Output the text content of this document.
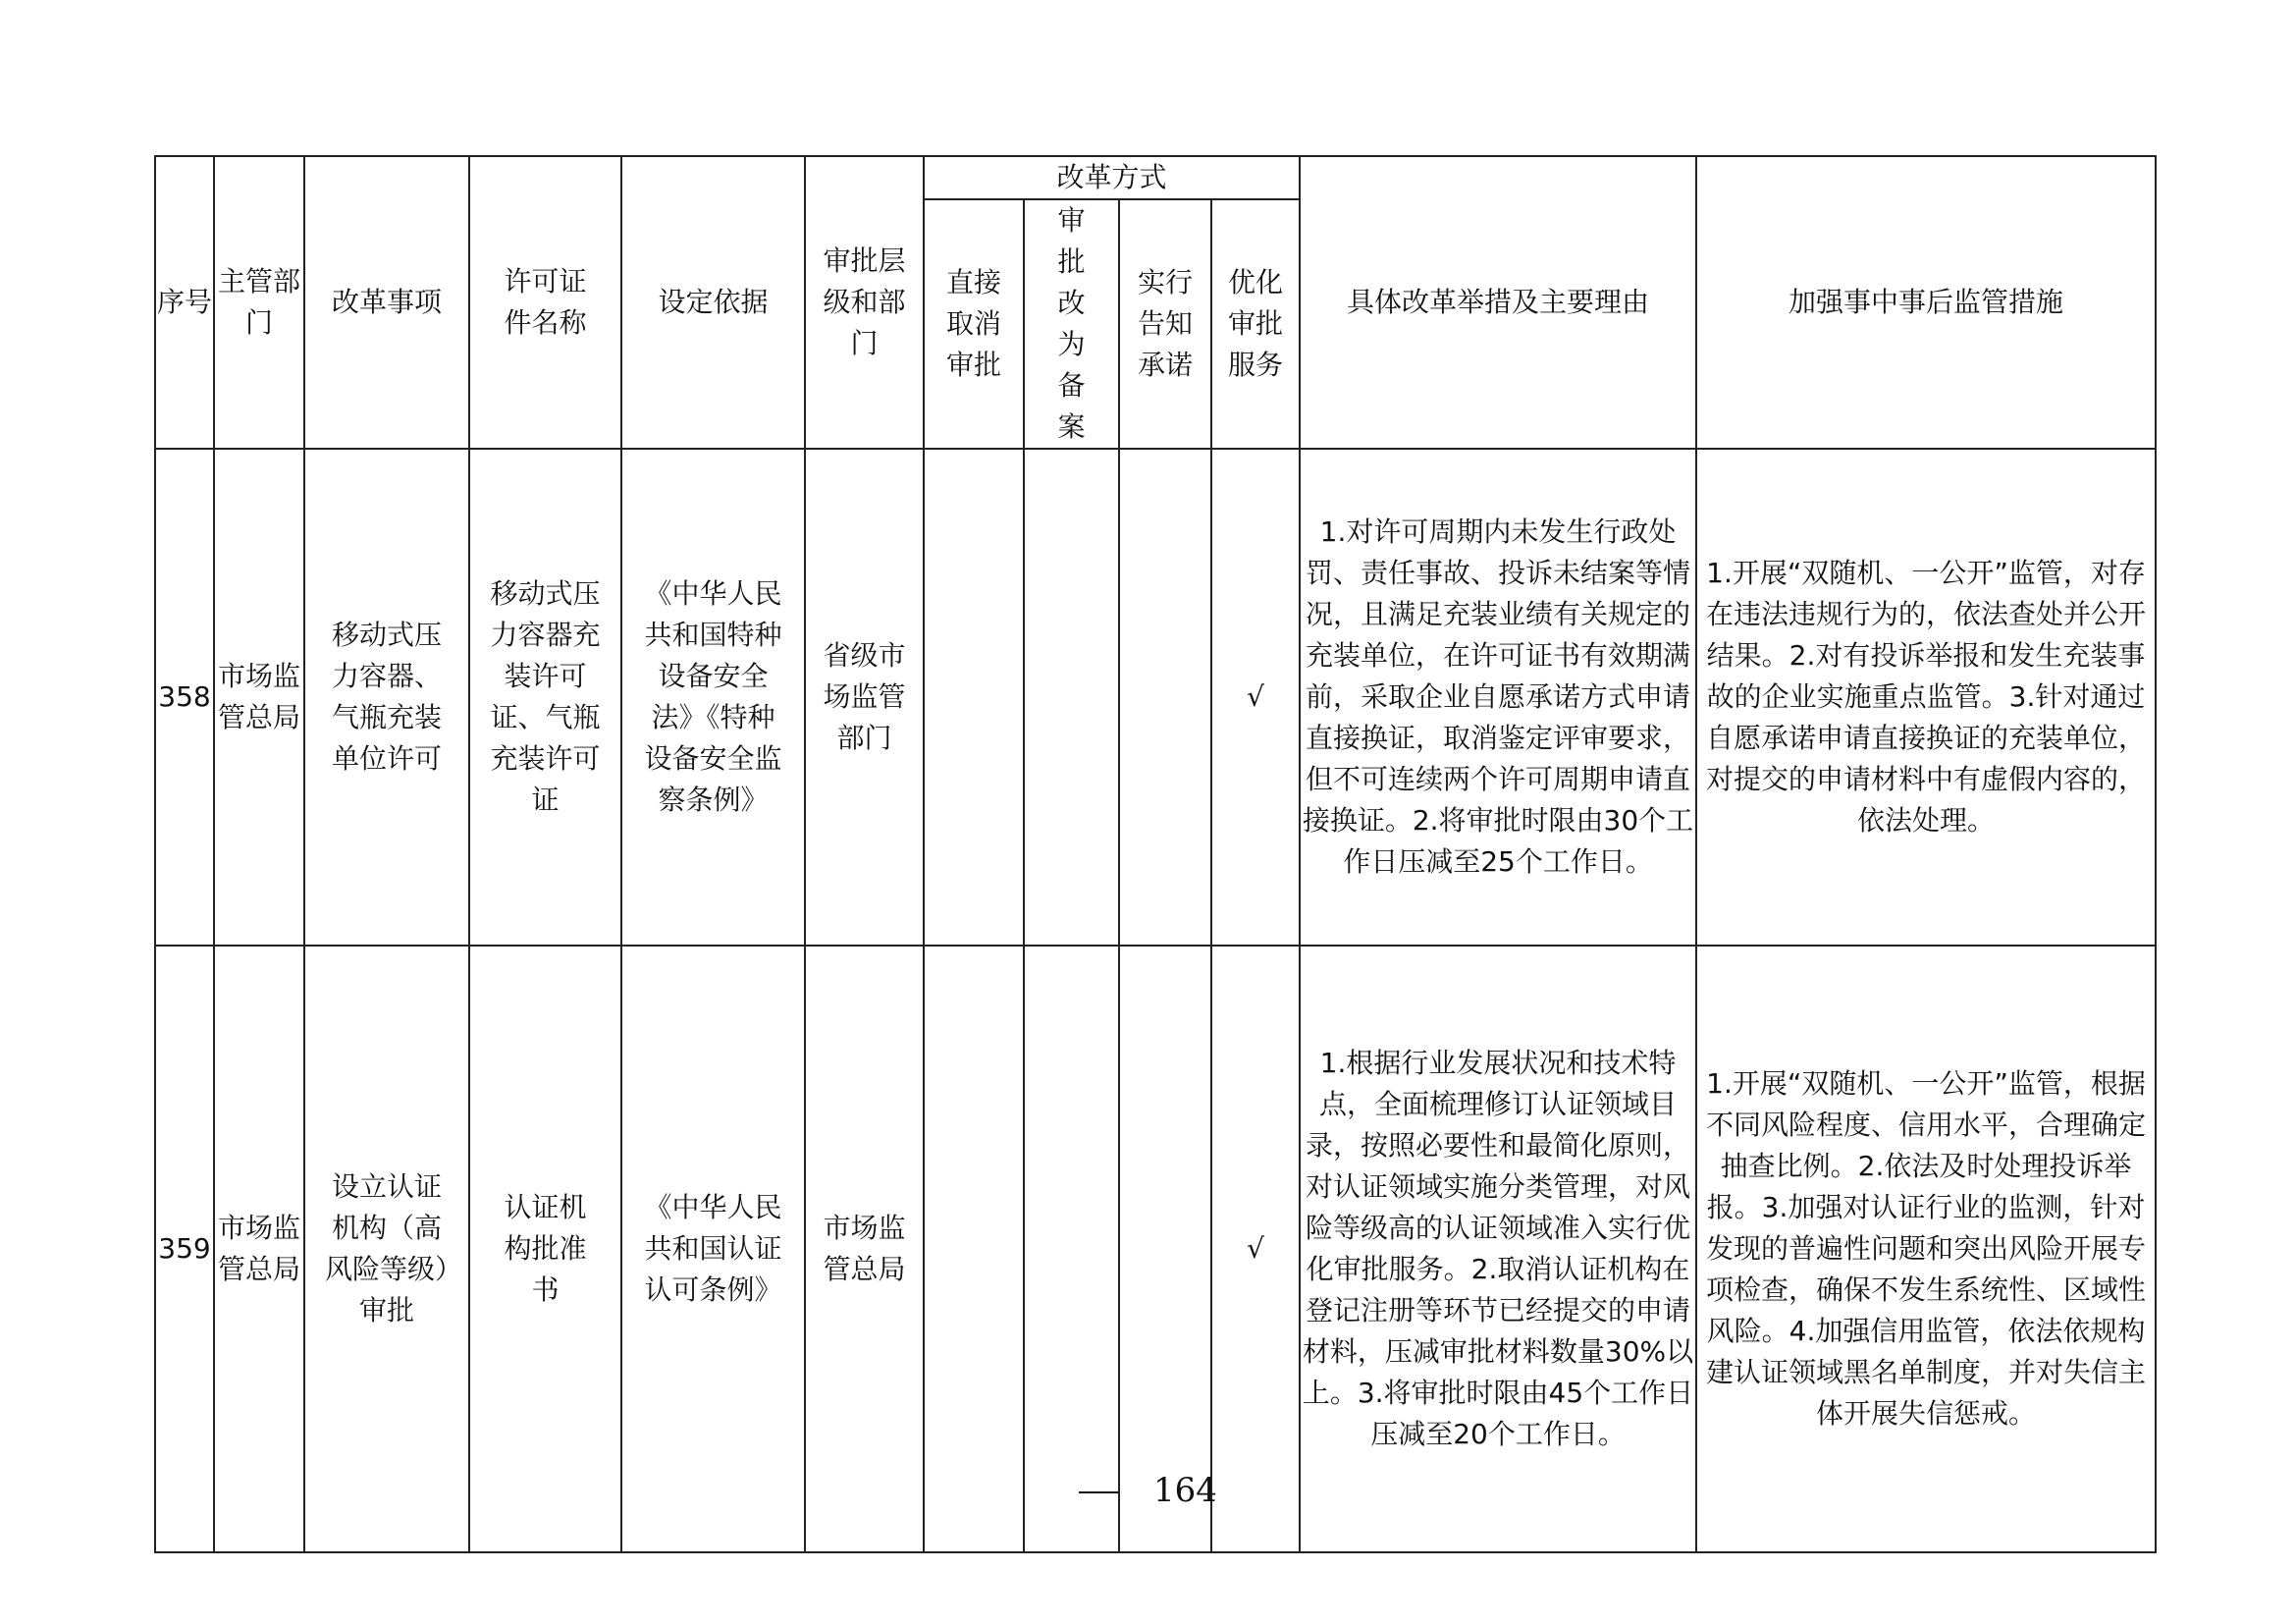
序号	主管部门	改革事项	许可证件名称	设定依据	审批层级和部门	改革方式				具体改革举措及主要理由	加强事中事后监管措施
						直接取消审批	审批改为备案	实行告知承诺	优化审批服务		
358	市场监管总局	移动式压力容器、气瓶充装单位许可	移动式压力容器充装许可证、气瓶充装许可证	《中华人民共和国特种设备安全法》《特种设备安全监察条例》	省级市场监管部门				√	1.对许可周期内未发生行政处罚、责任事故、投诉未结案等情况，且满足充装业绩有关规定的充装单位，在许可证书有效期满前，采取企业自愿承诺方式申请直接换证，取消鉴定评审要求，但不可连续两个许可周期申请直接换证。2.将审批时限由30个工作日压减至25个工作日。	1.开展“双随机、一公开”监管，对存在违法违规行为的，依法查处并公开结果。2.对有投诉举报和发生充装事故的企业实施重点监管。3.针对通过自愿承诺申请直接换证的充装单位，对提交的申请材料中有虚假内容的，依法处理。
359	市场监管总局	设立认证机构（高风险等级）审批	认证机构批准书	《中华人民共和国认证认可条例》	市场监管总局				√	1.根据行业发展状况和技术特点，全面梳理修订认证领域目录，按照必要性和最简化原则，对认证领域实施分类管理，对风险等级高的认证领域准入实行优化审批服务。2.取消认证机构在登记注册等环节已经提交的申请材料，压减审批材料数量30%以上。3.将审批时限由45个工作日压减至20个工作日。	1.开展“双随机、一公开”监管，根据不同风险程度、信用水平，合理确定抽查比例。2.依法及时处理投诉举报。3.加强对认证行业的监测，针对发现的普遍性问题和突出风险开展专项检查，确保不发生系统性、区域性风险。4.加强信用监管，依法依规构建认证领域黑名单制度，并对失信主体开展失信惩戒。
164
